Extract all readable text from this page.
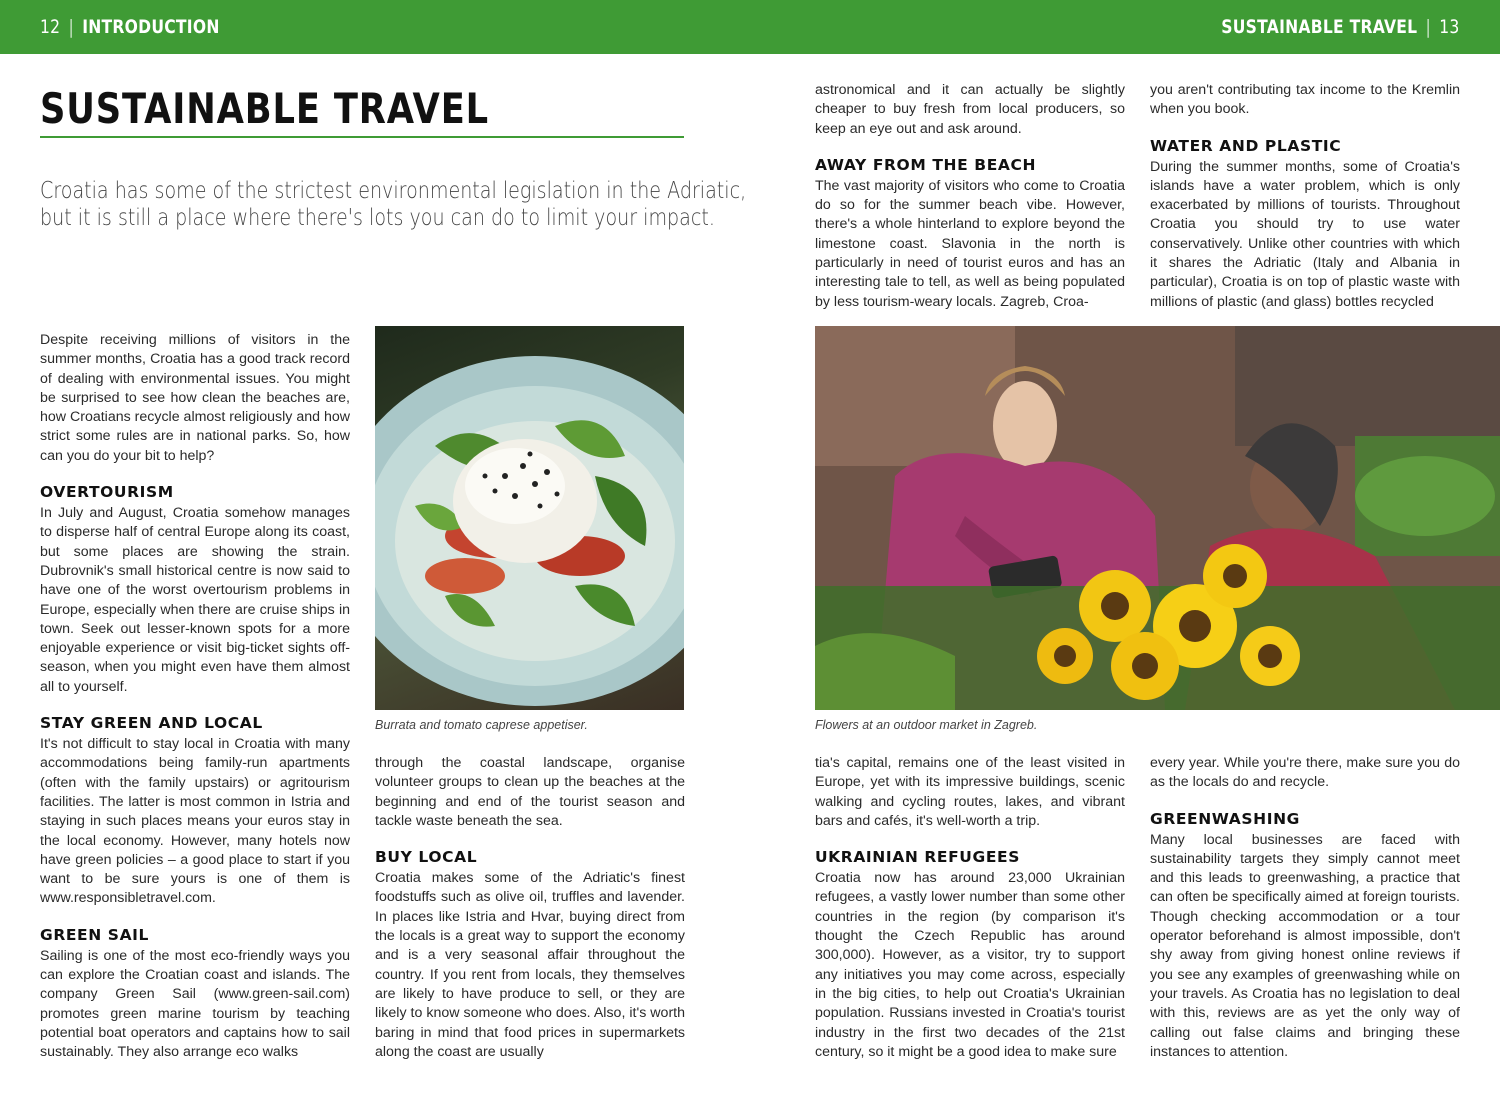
12 | INTRODUCTION	SUSTAINABLE TRAVEL | 13
SUSTAINABLE TRAVEL
Croatia has some of the strictest environmental legislation in the Adriatic,
but it is still a place where there's lots you can do to limit your impact.

Despite receiving millions of visitors in the summer months, Croatia has a good track record of dealing with environmental issues. You might be surprised to see how clean the beaches are, how Croatians recycle almost religiously and how strict some rules are in national parks. So, how can you do your bit to help?

OVERTOURISM

In July and August, Croatia somehow manages to disperse half of central Europe along its coast, but some places are showing the strain. Dubrovnik's small historical centre is now said to have one of the worst overtourism problems in Europe, especially when there are cruise ships in town. Seek out lesser-known spots for a more enjoyable experience or visit big-ticket sights off-season, when you might even have them almost all to yourself.

STAY GREEN AND LOCAL

It's not difficult to stay local in Croatia with many accommodations being family-run apartments (often with the family upstairs) or agritourism facilities. The latter is most common in Istria and staying in such places means your euros stay in the local economy. However, many hotels now have green policies – a good place to start if you want to be sure yours is one of them is www.responsibletravel.com.

GREEN SAIL

Sailing is one of the most eco-friendly ways you can explore the Croatian coast and islands. The company Green Sail (www.green-sail.com) promotes green marine tourism by teaching potential boat operators and captains how to sail sustainably. They also arrange eco walks

Burrata and tomato caprese appetiser.

through the coastal landscape, organise volunteer groups to clean up the beaches at the beginning and end of the tourist season and tackle waste beneath the sea.

BUY LOCAL

Croatia makes some of the Adriatic's finest foodstuffs such as olive oil, truffles and lavender. In places like Istria and Hvar, buying direct from the locals is a great way to support the economy and is a very seasonal affair throughout the country. If you rent from locals, they themselves are likely to have produce to sell, or they are likely to know someone who does. Also, it's worth baring in mind that food prices in supermarkets along the coast are usually

astronomical and it can actually be slightly cheaper to buy fresh from local producers, so keep an eye out and ask around.

AWAY FROM THE BEACH

The vast majority of visitors who come to Croatia do so for the summer beach vibe. However, there's a whole hinterland to explore beyond the limestone coast. Slavonia in the north is particularly in need of tourist euros and has an interesting tale to tell, as well as being populated by less tourism-weary locals. Zagreb, Croa-

you aren't contributing tax income to the Kremlin when you book.

WATER AND PLASTIC

During the summer months, some of Croatia's islands have a water problem, which is only exacerbated by millions of tourists. Throughout Croatia you should try to use water conservatively. Unlike other countries with which it shares the Adriatic (Italy and Albania in particular), Croatia is on top of plastic waste with millions of plastic (and glass) bottles recycled

Flowers at an outdoor market in Zagreb.

tia's capital, remains one of the least visited in Europe, yet with its impressive buildings, scenic walking and cycling routes, lakes, and vibrant bars and cafés, it's well-worth a trip.

UKRAINIAN REFUGEES

Croatia now has around 23,000 Ukrainian refugees, a vastly lower number than some other countries in the region (by comparison it's thought the Czech Republic has around 300,000). However, as a visitor, try to support any initiatives you may come across, especially in the big cities, to help out Croatia's Ukrainian population. Russians invested in Croatia's tourist industry in the first two decades of the 21st century, so it might be a good idea to make sure

every year. While you're there, make sure you do as the locals do and recycle.

GREENWASHING

Many local businesses are faced with sustainability targets they simply cannot meet and this leads to greenwashing, a practice that can often be specifically aimed at foreign tourists. Though checking accommodation or a tour operator beforehand is almost impossible, don't shy away from giving honest online reviews if you see any examples of greenwashing while on your travels. As Croatia has no legislation to deal with this, reviews are as yet the only way of calling out false claims and bringing these instances to attention.
